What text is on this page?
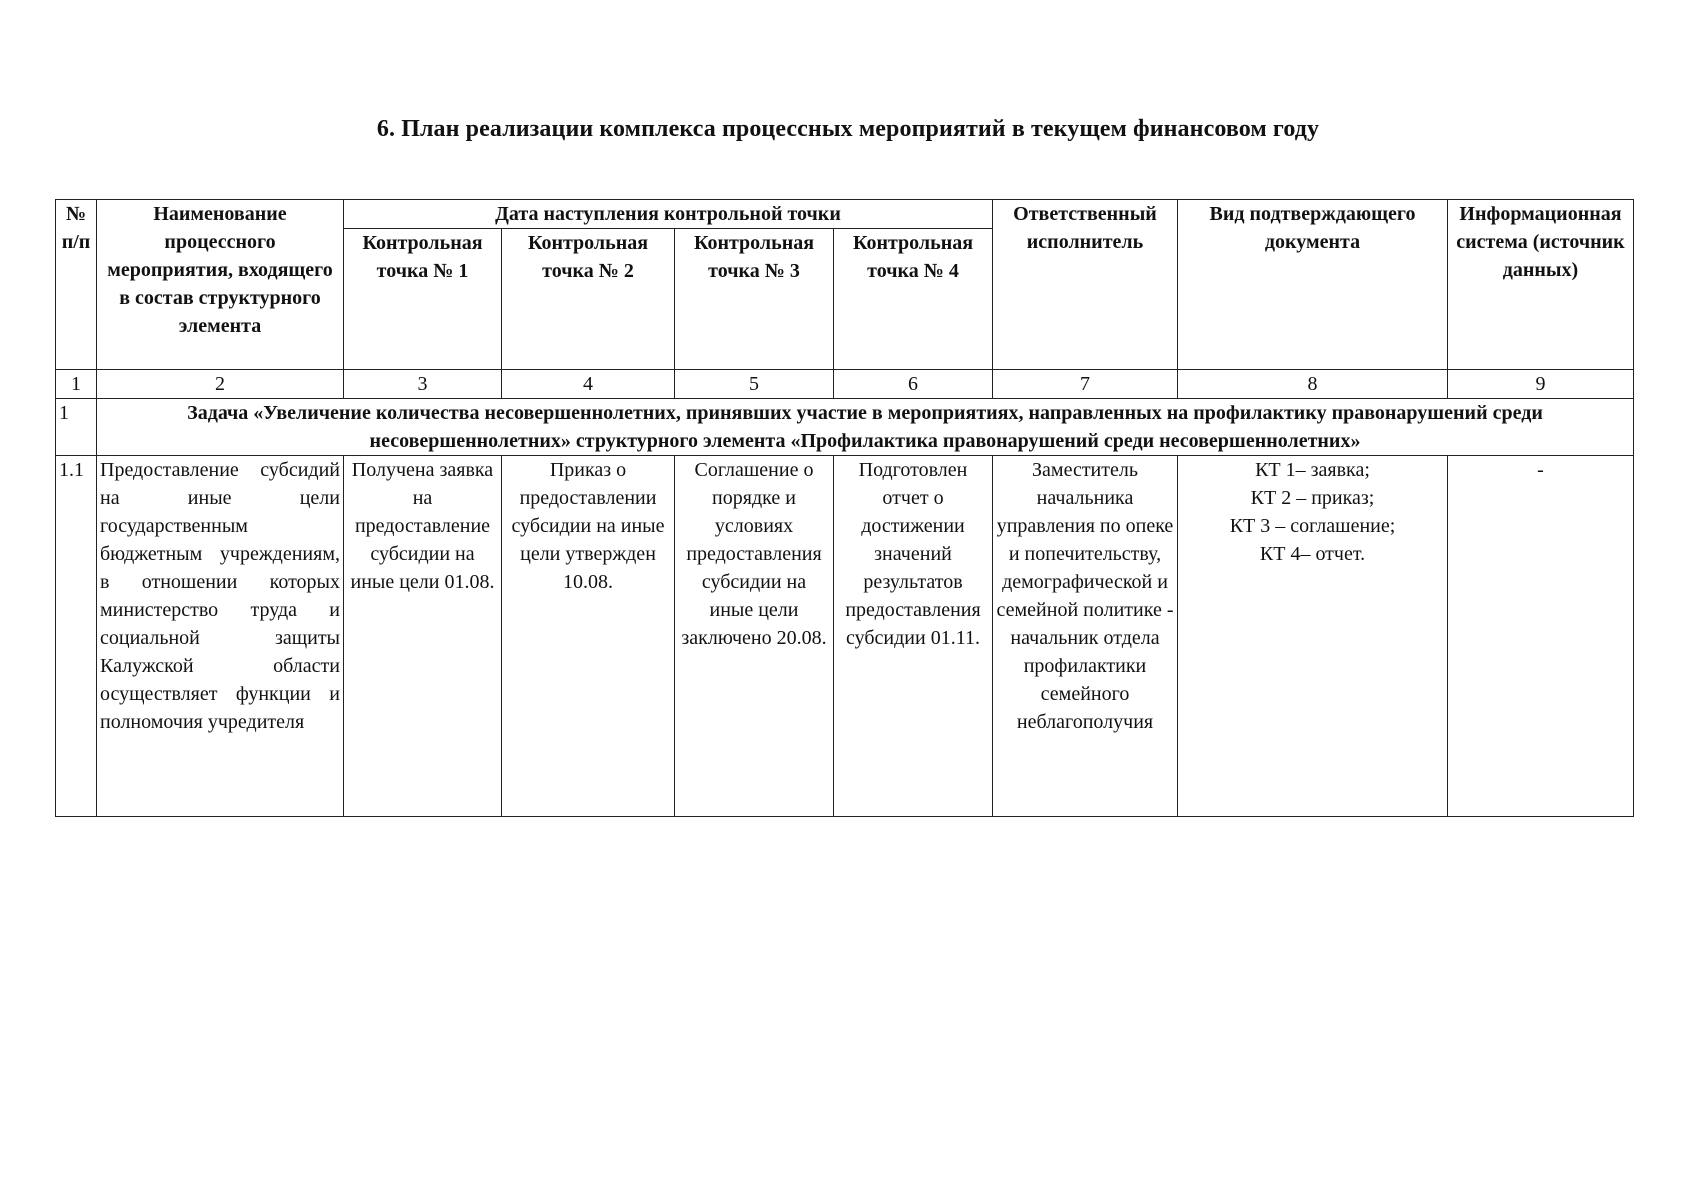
6. План реализации комплекса процессных мероприятий в текущем финансовом году
№ п/п	Наименование процессного мероприятия, входящего в состав структурного элемента	Дата наступления контрольной точки				Ответственный исполнитель	Вид подтверждающего документа	Информационная система (источник данных)
		Контрольная точка № 1	Контрольная точка № 2	Контрольная точка № 3	Контрольная точка № 4			
1	2	3	4	5	6	7	8	9
1	Задача «Увеличение количества несовершеннолетних, принявших участие в мероприятиях, направленных на профилактику правонарушений среди несовершеннолетних» структурного элемента «Профилактика правонарушений среди несовершеннолетних»							
1.1	Предоставление субсидий на иные цели государственным бюджетным учреждениям, в отношении которых министерство труда и социальной защиты Калужской области осуществляет функции и полномочия учредителя	Получена заявка на предоставление субсидии на иные цели 01.08.	Приказ о предоставлении субсидии на иные цели утвержден 10.08.	Соглашение о порядке и условиях предоставления субсидии на иные цели заключено 20.08.	Подготовлен отчет о достижении значений результатов предоставления субсидии 01.11.	Заместитель начальника управления по опеке и попечительству, демографической и семейной политике - начальник отдела профилактики семейного неблагополучия	КТ 1– заявка;
КТ 2 – приказ;
КТ 3 – соглашение;
КТ 4– отчет.	-
